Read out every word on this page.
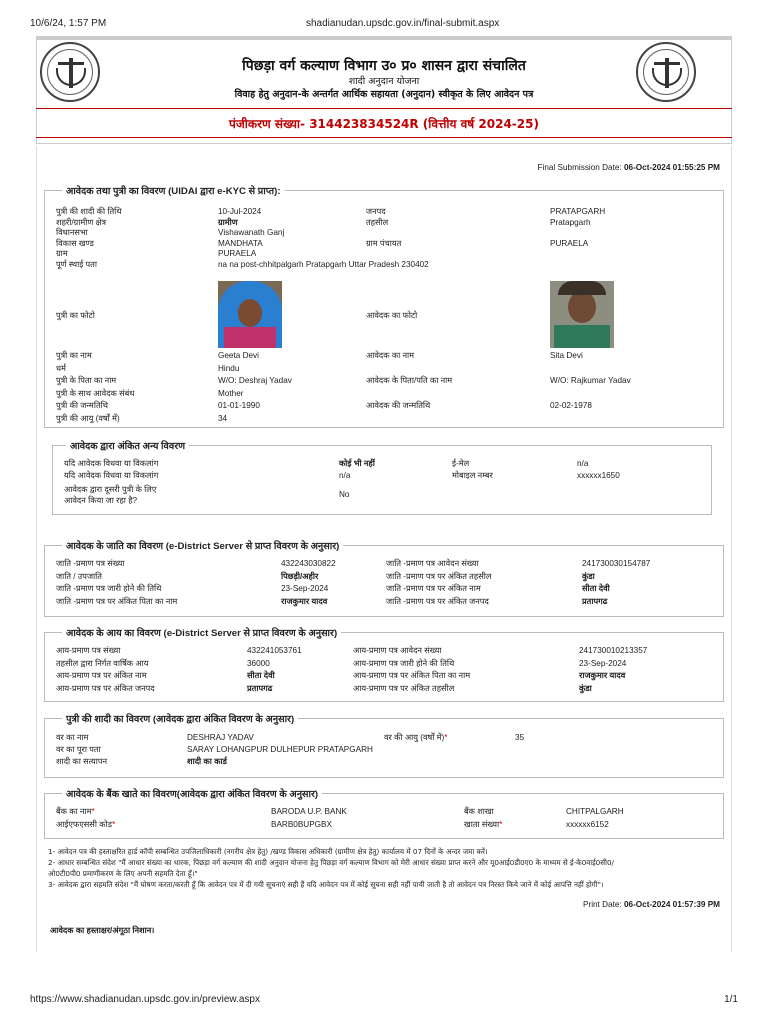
10/6/24, 1:57 PM	shadianudan.upsdc.gov.in/final-submit.aspx
पिछड़ा वर्ग कल्याण विभाग उ० प्र० शासन द्वारा संचालित
शादी अनुदान योजना
विवाह हेतु अनुदान-के अन्तर्गत आर्थिक सहायता (अनुदान) स्वीकृत के लिए आवेदन पत्र
पंजीकरण संख्या- 314423834524R (वित्तीय वर्ष 2024-25)
Final Submission Date: 06-Oct-2024 01:55:25 PM
आवेदक तथा पुत्री का विवरण (UIDAI द्वारा e-KYC से प्राप्त):
पुत्री की शादी की तिथि	10-Jul-2024	जनपद	PRATAPGARH
शहरी/ग्रामीण क्षेत्र	ग्रामीण	तहसील	Pratapgarh
विधानसभा	Vishawanath Ganj
विकास खण्ड	MANDHATA	ग्राम पंचायत	PURAELA
ग्राम	PURAELA
पूर्ण स्थाई पता	na na post-chhitpalgarh Pratapgarh Uttar Pradesh 230402
पुत्री का फोटो	आवेदक का फोटो
पुत्री का नाम	Geeta Devi	आवेदक का नाम	Sita Devi
धर्म	Hindu
पुत्री के पिता का नाम	W/O: Deshraj Yadav	आवेदक के पिता/पति का नाम	W/O: Rajkumar Yadav
पुत्री के साथ आवेदक संबंध	Mother
पुत्री की जन्मतिथि	01-01-1990	आवेदक की जन्मतिथि	02-02-1978
पुत्री की आयु (वर्षों में)	34
आवेदक द्वारा अंकित अन्य विवरण
यदि आवेदक विधवा या विकलांग	कोई भी नहीं	ई-मेल	n/a
यदि आवेदक विधवा या विकलांग	n/a	मोबाइल नम्बर	xxxxxx1650
आवेदक द्वारा दूसरी पुत्री के लिए
आवेदन किया जा रहा है?
No
आवेदक के जाति का विवरण (e-District Server से प्राप्त विवरण के अनुसार)
जाति -प्रमाण पत्र संख्या	432243030822	जाति -प्रमाण पत्र आवेदन संख्या	241730030154787
जाति / उपजाति	पिछड़ी/अहीर	जाति -प्रमाण पत्र पर अंकित तहसील	कुंडा
जाति -प्रमाण पत्र जारी होने की तिथि	23-Sep-2024	जाति -प्रमाण पत्र पर अंकित नाम	सीता देवी
जाति -प्रमाण पत्र पर अंकित पिता का नाम	राजकुमार यादव	जाति -प्रमाण पत्र पर अंकित जनपद	प्रतापगढ
आवेदक के आय का विवरण (e-District Server से प्राप्त विवरण के अनुसार)
आय-प्रमाण पत्र संख्या	432241053761	आय-प्रमाण पत्र आवेदन संख्या	241730010213357
तहसील द्वारा निर्गत वार्षिक आय	36000	आय-प्रमाण पत्र जारी होने की तिथि	23-Sep-2024
आय-प्रमाण पत्र पर अंकित नाम	सीता देवी	आय-प्रमाण पत्र पर अंकित पिता का नाम	राजकुमार यादव
आय-प्रमाण पत्र पर अंकित जनपद	प्रतापगढ	आय-प्रमाण पत्र पर अंकित तहसील	कुंडा
पुत्री की शादी का विवरण (आवेदक द्वारा अंकित विवरण के अनुसार)
वर का नाम	DESHRAJ YADAV	वर की आयु (वर्षों में)*	35
वर का पूरा पता	SARAY LOHANGPUR DULHEPUR PRATAPGARH
शादी का सत्यापन	शादी का कार्ड
आवेदक के बैंक खाते का विवरण(आवेदक द्वारा अंकित विवरण के अनुसार)
बैंक का नाम*	BARODA U.P. BANK	बैंक शाखा	CHITPALGARH
आईएफएससी कोड*	BARB0BUPGBX	खाता संख्या*	xxxxxx6152
1- आवेदन पत्र की हस्ताक्षरित हार्ड कॉपी सम्बन्धित उपजिलाधिकारी (नगरीय क्षेत्र हेतु) /खण्ड विकास अधिकारी (ग्रामीण क्षेत्र हेतु) कार्यालय में 07 दिनों के अन्दर जमा करें।
2- आधार सम्बन्धित संदेश "मैं आधार संख्या का धारक, पिछड़ा वर्ग कल्याण की शादी अनुदान योजना हेतु पिछड़ा वर्ग कल्याण विभाग को मेरी आधार संख्या प्राप्त करने और यू0आई0डी0ए0 के माध्यम से ई-के0वाई0सी0/
ओ0टी0पी0 प्रमाणीकरण के लिए अपनी सहमति देता हूँ।"
3- आवेदक द्वारा सहमति संदेश "मैं घोषण करता/करती हूँ कि आवेदन पत्र में दी गयी सूचनाएं सही हैं यदि आवेदन पत्र में कोई सूचना सही नहीं पायी जाती है तो आवेदन पत्र निरस्त किये जाने में कोई आपत्ति नहीं होगी"।
Print Date: 06-Oct-2024 01:57:39 PM
आवेदक का हस्ताक्षर/अंगूठा निशान।
https://www.shadianudan.upsdc.gov.in/preview.aspx	1/1
